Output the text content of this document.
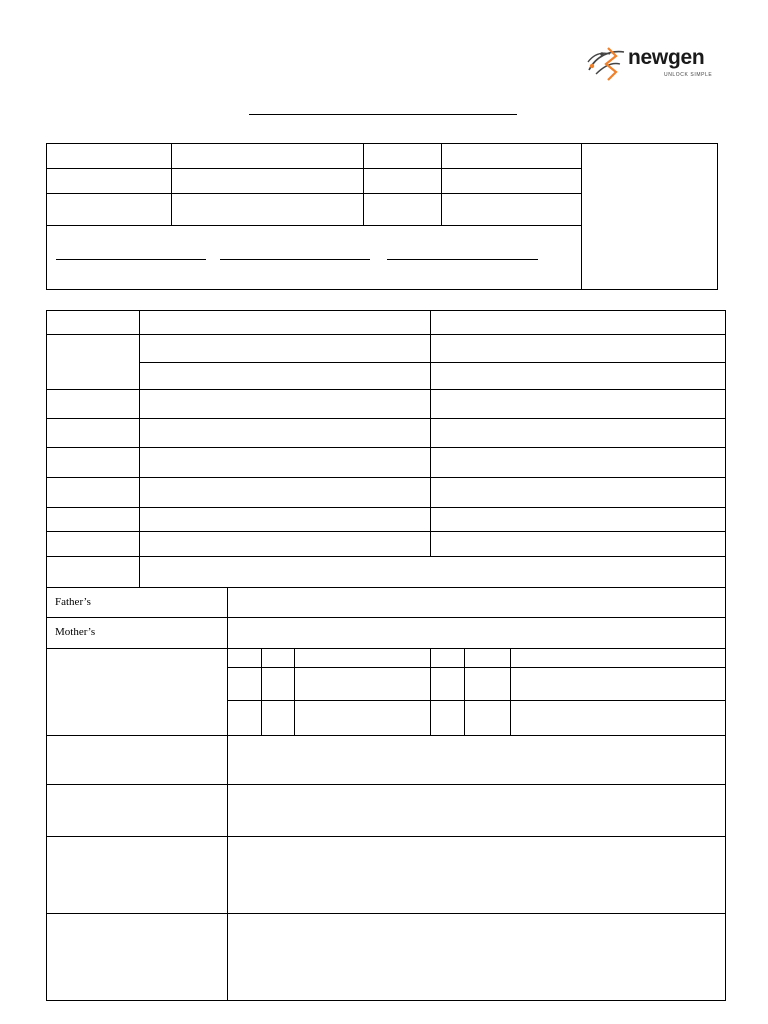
newgen
UNLOCK SIMPLE
Father’s
Mother’s
